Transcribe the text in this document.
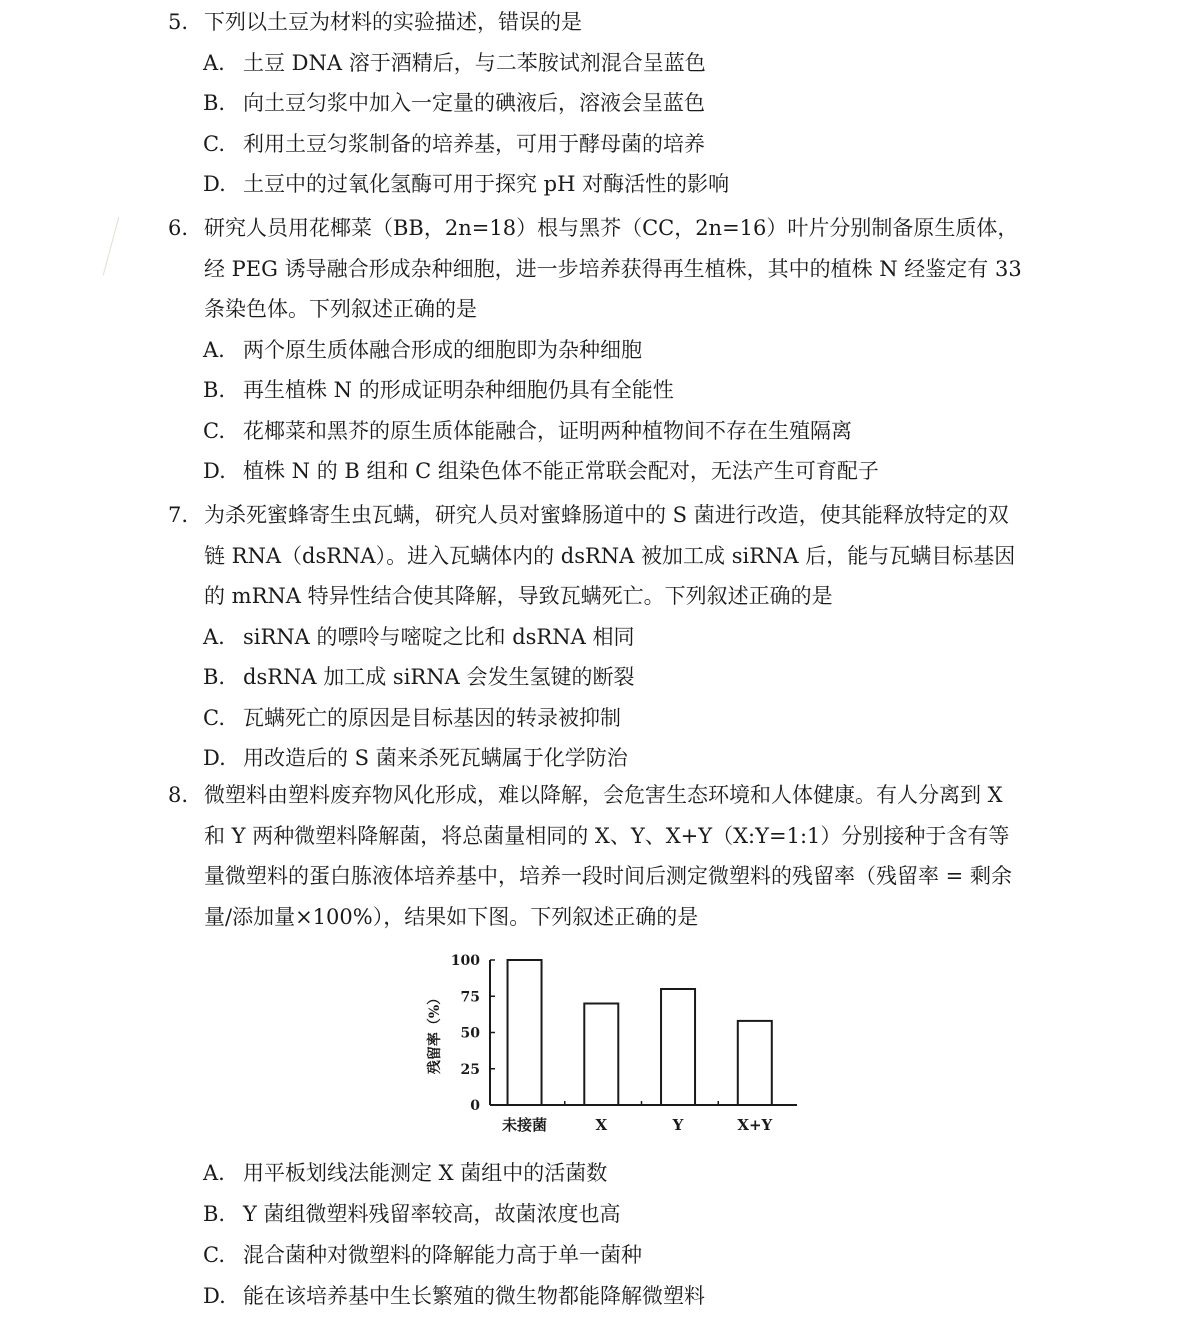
5. 下列以土豆为材料的实验描述，错误的是
A. 土豆 DNA 溶于酒精后，与二苯胺试剂混合呈蓝色
B. 向土豆匀浆中加入一定量的碘液后，溶液会呈蓝色
C. 利用土豆匀浆制备的培养基，可用于酵母菌的培养
D. 土豆中的过氧化氢酶可用于探究 pH 对酶活性的影响
6. 研究人员用花椰菜（BB，2n=18）根与黑芥（CC，2n=16）叶片分别制备原生质体，经 PEG 诱导融合形成杂种细胞，进一步培养获得再生植株，其中的植株 N 经鉴定有 33 条染色体。下列叙述正确的是
A. 两个原生质体融合形成的细胞即为杂种细胞
B. 再生植株 N 的形成证明杂种细胞仍具有全能性
C. 花椰菜和黑芥的原生质体能融合，证明两种植物间不存在生殖隔离
D. 植株 N 的 B 组和 C 组染色体不能正常联会配对，无法产生可育配子
7. 为杀死蜜蜂寄生虫瓦螨，研究人员对蜜蜂肠道中的 S 菌进行改造，使其能释放特定的双链 RNA（dsRNA）。进入瓦螨体内的 dsRNA 被加工成 siRNA 后，能与瓦螨目标基因的 mRNA 特异性结合使其降解，导致瓦螨死亡。下列叙述正确的是
A. siRNA 的嘌呤与嘧啶之比和 dsRNA 相同
B. dsRNA 加工成 siRNA 会发生氢键的断裂
C. 瓦螨死亡的原因是目标基因的转录被抑制
D. 用改造后的 S 菌来杀死瓦螨属于化学防治
8. 微塑料由塑料废弃物风化形成，难以降解，会危害生态环境和人体健康。有人分离到 X 和 Y 两种微塑料降解菌，将总菌量相同的 X、Y、X+Y（X:Y=1:1）分别接种于含有等量微塑料的蛋白胨液体培养基中，培养一段时间后测定微塑料的残留率（残留率 = 剩余量/添加量×100%），结果如下图。下列叙述正确的是
0
25
50
75
100
残留率（%）
未接菌	X	Y	X+Y
A. 用平板划线法能测定 X 菌组中的活菌数
B. Y 菌组微塑料残留率较高，故菌浓度也高
C. 混合菌种对微塑料的降解能力高于单一菌种
D. 能在该培养基中生长繁殖的微生物都能降解微塑料
